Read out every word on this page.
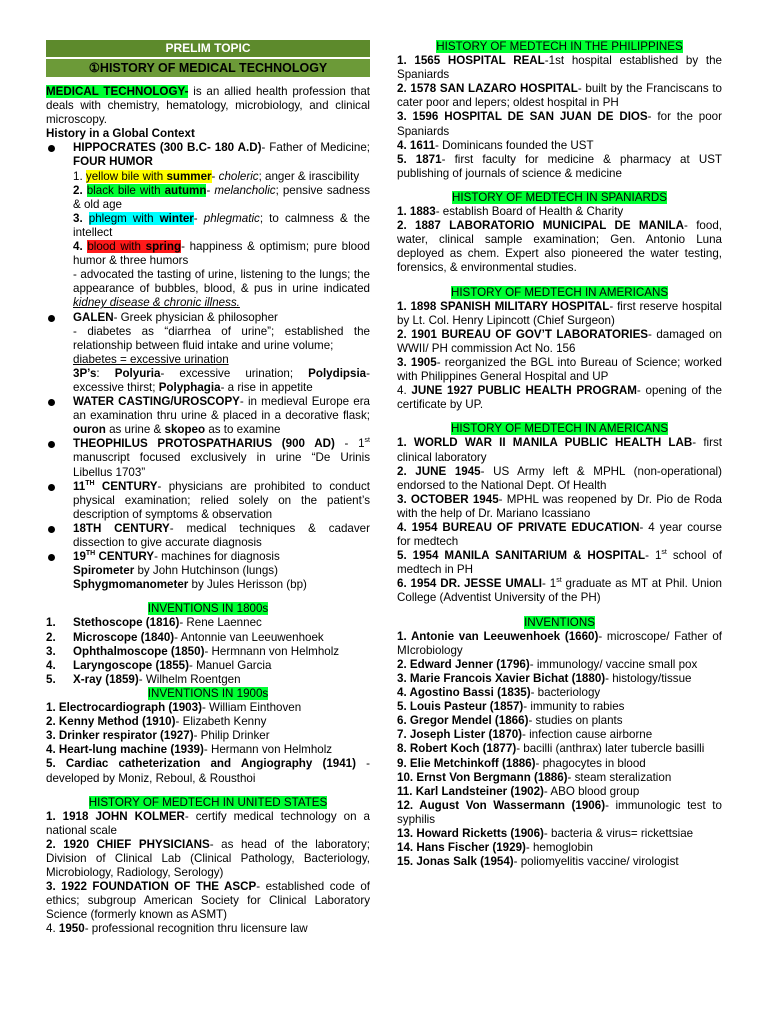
PRELIM TOPIC
①HISTORY OF MEDICAL TECHNOLOGY

MEDICAL TECHNOLOGY- is an allied health profession that deals with chemistry, hematology, microbiology, and clinical microscopy.

History in a Global Context

HIPPOCRATES (300 B.C- 180 A.D)- Father of Medicine; FOUR HUMOR

1. yellow bile with summer- choleric; anger & irascibility

2. black bile with autumn- melancholic; pensive sadness & old age

3. phlegm with winter- phlegmatic; to calmness & the intellect

4. blood with spring- happiness & optimism; pure blood humor & three humors

- advocated the tasting of urine, listening to the lungs; the appearance of bubbles, blood, & pus in urine indicated kidney disease & chronic illness.

GALEN- Greek physician & philosopher

- diabetes as “diarrhea of urine”; established the relationship between fluid intake and urine volume;

diabetes = excessive urination

3P’s: Polyuria- excessive urination; Polydipsia- excessive thirst; Polyphagia- a rise in appetite

WATER CASTING/UROSCOPY- in medieval Europe era an examination thru urine & placed in a decorative flask; ouron as urine & skopeo as to examine
THEOPHILUS PROTOSPATHARIUS (900 AD) - 1st manuscript focused exclusively in urine “De Urinis Libellus 1703”
11TH CENTURY- physicians are prohibited to conduct physical examination; relied solely on the patient’s description of symptoms & observation
18TH CENTURY- medical techniques & cadaver dissection to give accurate diagnosis
19TH CENTURY- machines for diagnosis

Spirometer by John Hutchinson (lungs)

Sphygmomanometer by Jules Herisson (bp)

INVENTIONS IN 1800s

1. Stethoscope (1816)- Rene Laennec

2. Microscope (1840)- Antonnie van Leeuwenhoek

3. Ophthalmoscope (1850)- Hermnann von Helmholz

4. Laryngoscope (1855)- Manuel Garcia

5. X-ray (1859)- Wilhelm Roentgen

INVENTIONS IN 1900s

1. Electrocardiograph (1903)- William Einthoven

2. Kenny Method (1910)- Elizabeth Kenny

3. Drinker respirator (1927)- Philip Drinker

4. Heart-lung machine (1939)- Hermann von Helmholz

5. Cardiac catheterization and Angiography (1941) - developed by Moniz, Reboul, & Rousthoi

HISTORY OF MEDTECH IN UNITED STATES

1. 1918 JOHN KOLMER- certify medical technology on a national scale

2. 1920 CHIEF PHYSICIANS- as head of the laboratory; Division of Clinical Lab (Clinical Pathology, Bacteriology, Microbiology, Radiology, Serology)

3. 1922 FOUNDATION OF THE ASCP- established code of ethics; subgroup American Society for Clinical Laboratory Science (formerly known as ASMT)

4. 1950- professional recognition thru licensure law

HISTORY OF MEDTECH IN THE PHILIPPINES

1. 1565 HOSPITAL REAL-1st hospital established by the Spaniards

2. 1578 SAN LAZARO HOSPITAL- built by the Franciscans to cater poor and lepers; oldest hospital in PH

3. 1596 HOSPITAL DE SAN JUAN DE DIOS- for the poor Spaniards

4. 1611- Dominicans founded the UST

5. 1871- first faculty for medicine & pharmacy at UST publishing of journals of science & medicine

HISTORY OF MEDTECH IN SPANIARDS

1. 1883- establish Board of Health & Charity

2. 1887 LABORATORIO MUNICIPAL DE MANILA- food, water, clinical sample examination; Gen. Antonio Luna deployed as chem. Expert also pioneered the water testing, forensics, & environmental studies.

HISTORY OF MEDTECH IN AMERICANS

1. 1898 SPANISH MILITARY HOSPITAL- first reserve hospital by Lt. Col. Henry Lipincott (Chief Surgeon)

2. 1901 BUREAU OF GOV’T LABORATORIES- damaged on WWII/ PH commission Act No. 156

3. 1905- reorganized the BGL into Bureau of Science; worked with Philippines General Hospital and UP

4. JUNE 1927 PUBLIC HEALTH PROGRAM- opening of the certificate by UP.

HISTORY OF MEDTECH IN AMERICANS

1. WORLD WAR II MANILA PUBLIC HEALTH LAB- first clinical laboratory

2. JUNE 1945- US Army left & MPHL (non-operational) endorsed to the National Dept. Of Health

3. OCTOBER 1945- MPHL was reopened by Dr. Pio de Roda with the help of Dr. Mariano Icassiano

4. 1954 BUREAU OF PRIVATE EDUCATION- 4 year course for medtech

5. 1954 MANILA SANITARIUM & HOSPITAL- 1st school of medtech in PH

6. 1954 DR. JESSE UMALI- 1st graduate as MT at Phil. Union College (Adventist University of the PH)

INVENTIONS

1. Antonie van Leeuwenhoek (1660)- microscope/ Father of MIcrobiology

2. Edward Jenner (1796)- immunology/ vaccine small pox

3. Marie Francois Xavier Bichat (1880)- histology/tissue

4. Agostino Bassi (1835)- bacteriology

5. Louis Pasteur (1857)- immunity to rabies

6. Gregor Mendel (1866)- studies on plants

7. Joseph Lister (1870)- infection cause airborne

8. Robert Koch (1877)- bacilli (anthrax) later tubercle basilli

9. Elie Metchinkoff (1886)- phagocytes in blood

10. Ernst Von Bergmann (1886)- steam steralization

11. Karl Landsteiner (1902)- ABO blood group

12. August Von Wassermann (1906)- immunologic test to syphilis

13. Howard Ricketts (1906)- bacteria & virus= rickettsiae

14. Hans Fischer (1929)- hemoglobin

15. Jonas Salk (1954)- poliomyelitis vaccine/ virologist
